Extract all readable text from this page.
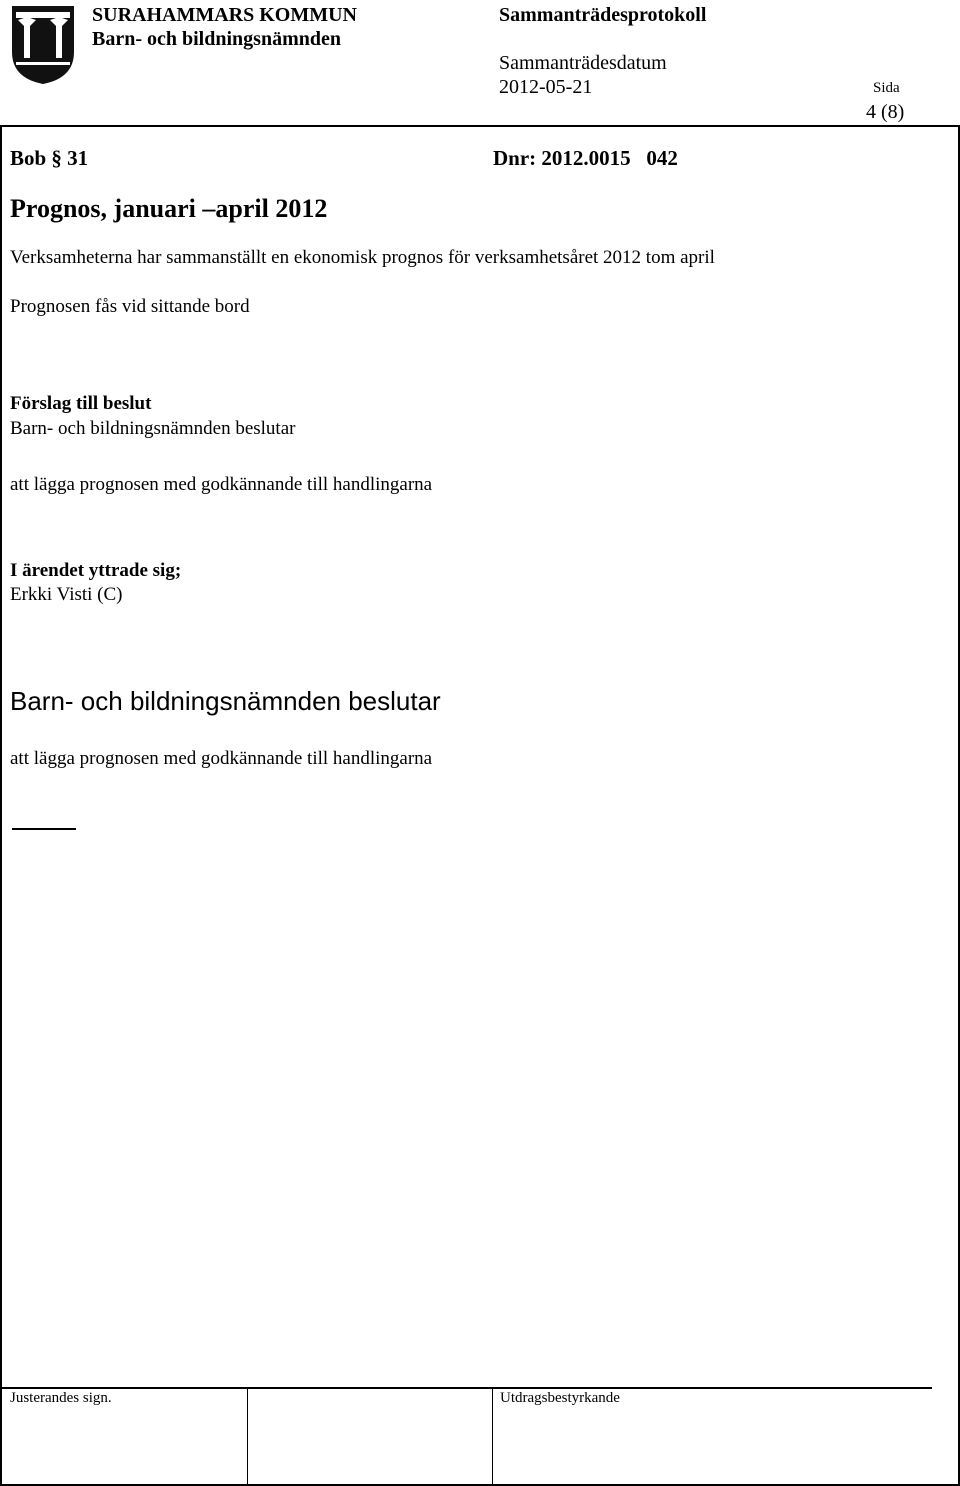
SURAHAMMARS KOMMUN
Barn- och bildningsnämnden
Sammanträdesprotokoll
Sammanträdesdatum
2012-05-21	Sida
4 (8)
Bob § 31	Dnr: 2012.0015   042
Prognos, januari –april 2012
Verksamheterna har sammanställt en ekonomisk prognos för verksamhetsåret 2012 tom april
Prognosen fås vid sittande bord
Förslag till beslut
Barn- och bildningsnämnden beslutar
att lägga prognosen med godkännande till handlingarna
I ärendet yttrade sig;
Erkki Visti (C)
Barn- och bildningsnämnden beslutar
att lägga prognosen med godkännande till handlingarna
Justerandes sign.	Utdragsbestyrkande
